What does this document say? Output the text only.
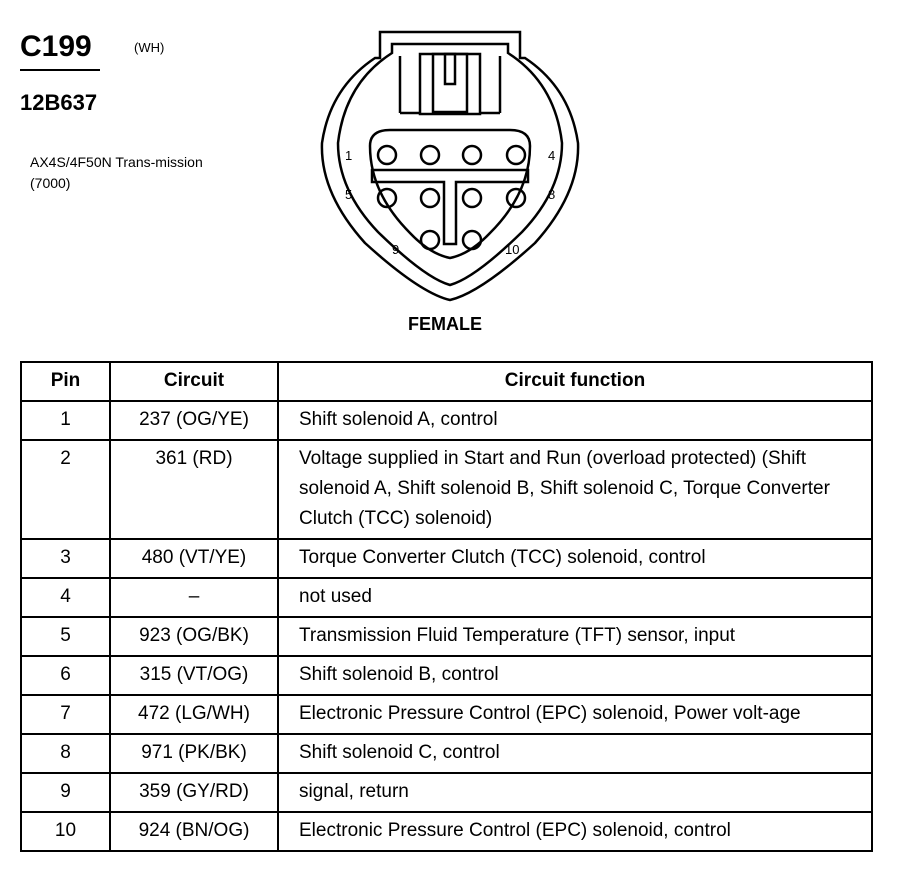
C199	(WH)
12B637
AX4S/4F50N Trans-mission (7000)
1	4
5	8
9	10
FEMALE
Pin	Circuit	Circuit function
1	237 (OG/YE)	Shift solenoid A, control
2	361 (RD)	Voltage supplied in Start and Run (overload protected) (Shift solenoid A, Shift solenoid B, Shift solenoid C, Torque Converter Clutch (TCC) solenoid)
3	480 (VT/YE)	Torque Converter Clutch (TCC) solenoid, control
4	–	not used
5	923 (OG/BK)	Transmission Fluid Temperature (TFT) sensor, input
6	315 (VT/OG)	Shift solenoid B, control
7	472 (LG/WH)	Electronic Pressure Control (EPC) solenoid, Power volt-age
8	971 (PK/BK)	Shift solenoid C, control
9	359 (GY/RD)	signal, return
10	924 (BN/OG)	Electronic Pressure Control (EPC) solenoid, control
